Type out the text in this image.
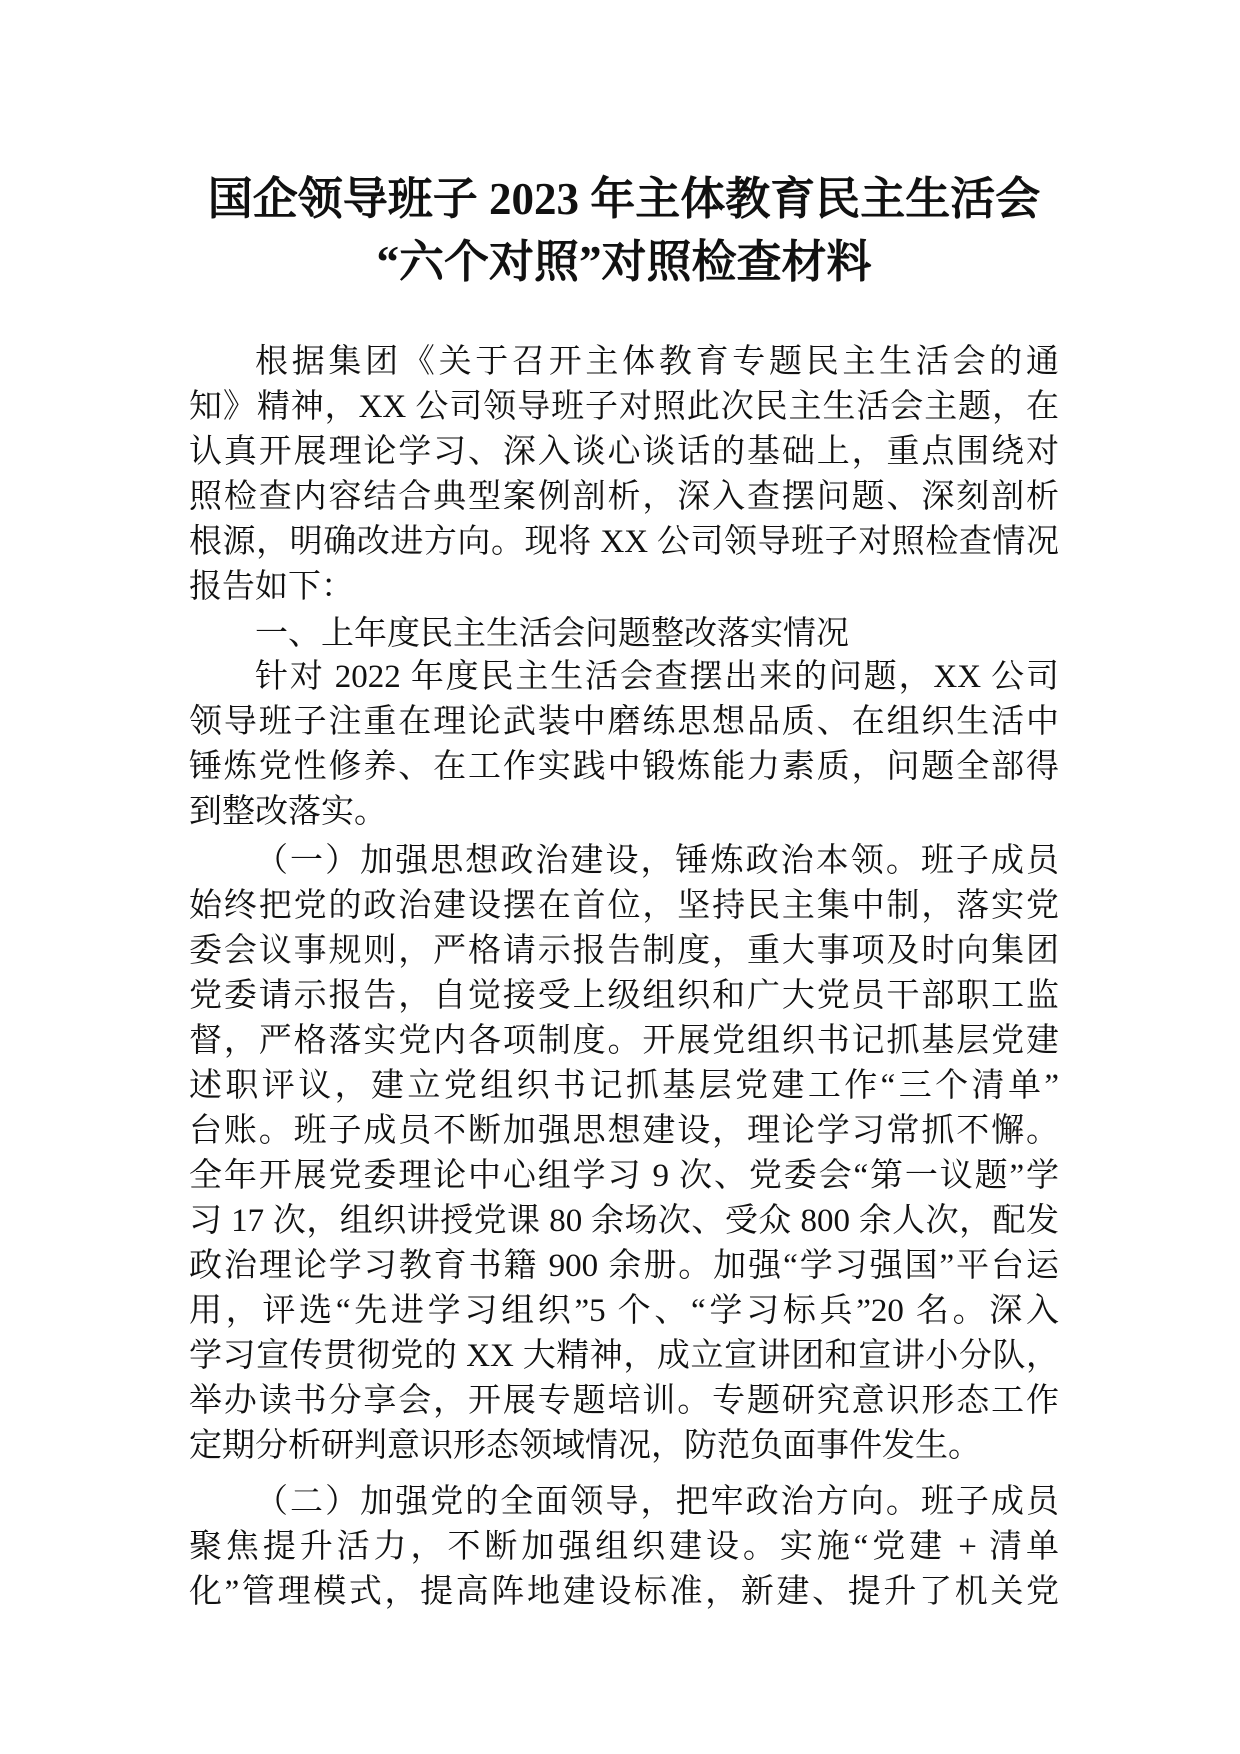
国企领导班子 2023 年主体教育民主生活会
“六个对照”对照检查材料
根据集团《关于召开主体教育专题民主生活会的通
知》精神，XX 公司领导班子对照此次民主生活会主题，在
认真开展理论学习、深入谈心谈话的基础上，重点围绕对
照检查内容结合典型案例剖析，深入查摆问题、深刻剖析
根源，明确改进方向。现将 XX 公司领导班子对照检查情况
报告如下：
一、上年度民主生活会问题整改落实情况
针对 2022 年度民主生活会查摆出来的问题，XX 公司
领导班子注重在理论武装中磨练思想品质、在组织生活中
锤炼党性修养、在工作实践中锻炼能力素质，问题全部得
到整改落实。
（一）加强思想政治建设，锤炼政治本领。班子成员
始终把党的政治建设摆在首位，坚持民主集中制，落实党
委会议事规则，严格请示报告制度，重大事项及时向集团
党委请示报告，自觉接受上级组织和广大党员干部职工监
督，严格落实党内各项制度。开展党组织书记抓基层党建
述职评议，建立党组织书记抓基层党建工作“三个清单”
台账。班子成员不断加强思想建设，理论学习常抓不懈。
全年开展党委理论中心组学习 9 次、党委会“第一议题”学
习 17 次，组织讲授党课 80 余场次、受众 800 余人次，配发
政治理论学习教育书籍 900 余册。加强“学习强国”平台运
用，评选“先进学习组织”5 个、“学习标兵”20 名。深入
学习宣传贯彻党的 XX 大精神，成立宣讲团和宣讲小分队，
举办读书分享会，开展专题培训。专题研究意识形态工作
定期分析研判意识形态领域情况，防范负面事件发生。
（二）加强党的全面领导，把牢政治方向。班子成员
聚焦提升活力，不断加强组织建设。实施“党建 + 清单
化”管理模式，提高阵地建设标准，新建、提升了机关党
